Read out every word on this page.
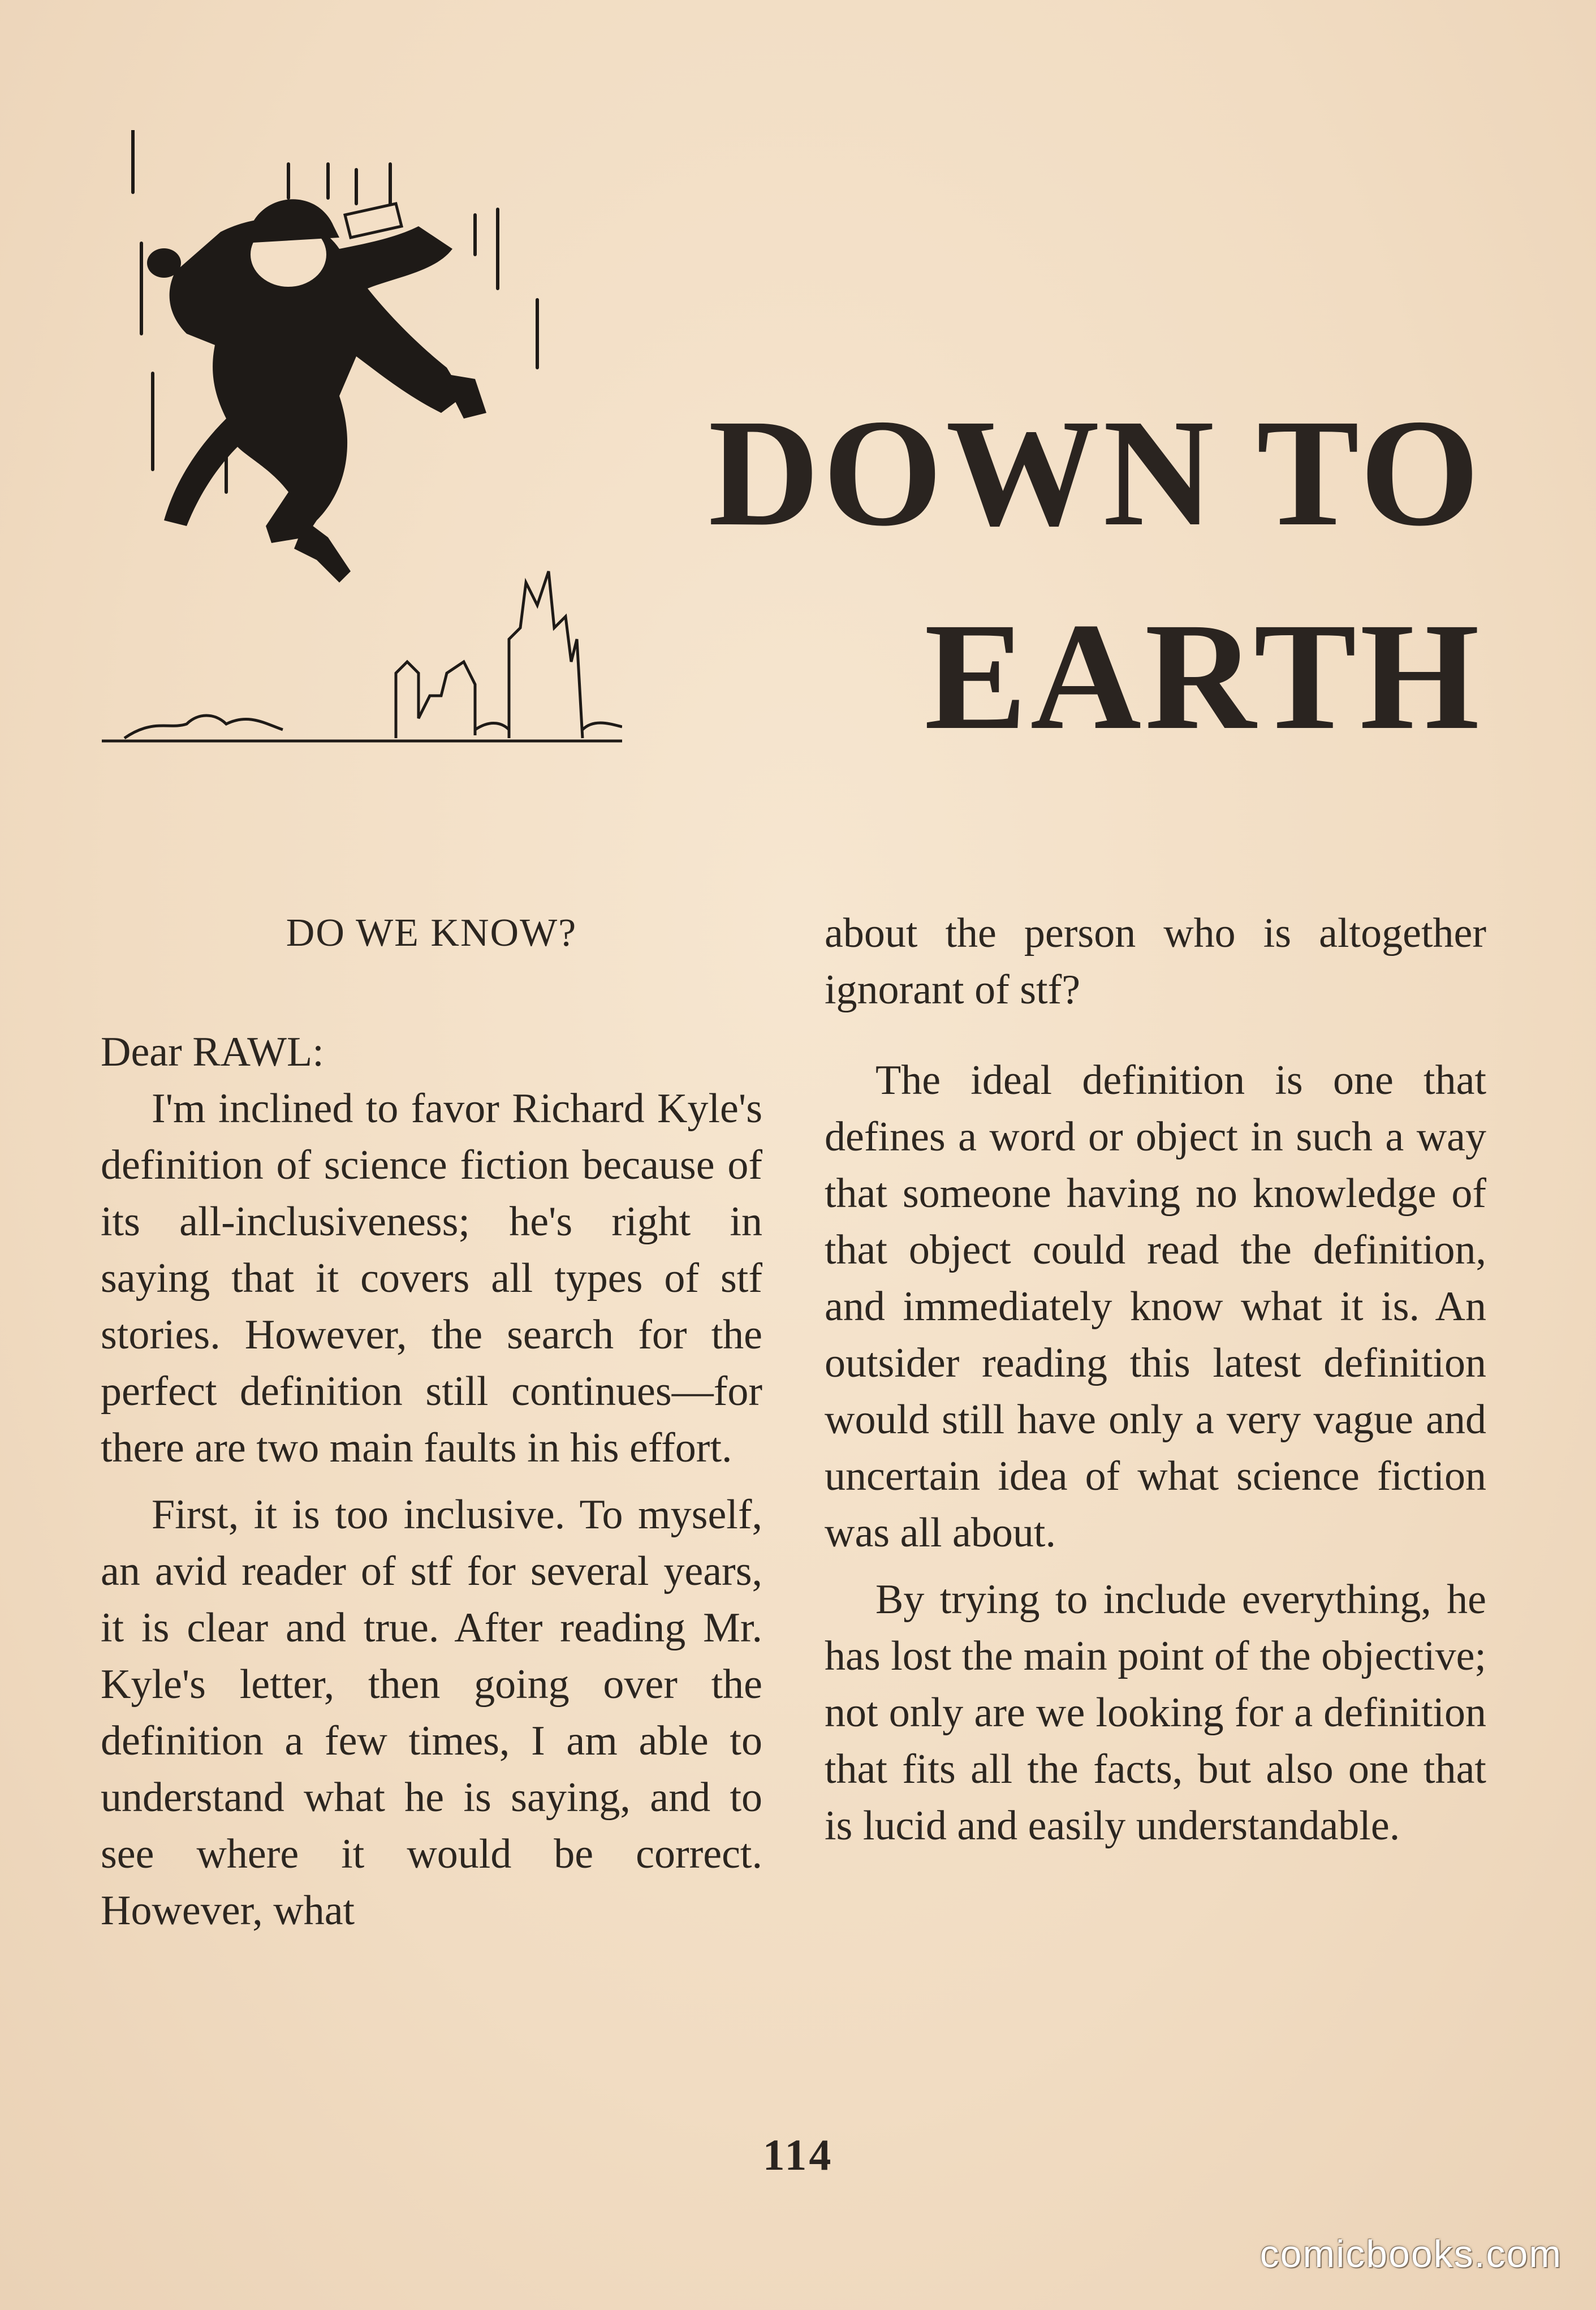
DOWN TO
EARTH
DO WE KNOW?

Dear RAWL:

I'm inclined to favor Richard Kyle's definition of science fiction because of its all-inclusiveness; he's right in saying that it covers all types of stf stories. However, the search for the perfect definition still continues—for there are two main faults in his effort.

First, it is too inclusive. To myself, an avid reader of stf for several years, it is clear and true. After reading Mr. Kyle's letter, then going over the definition a few times, I am able to understand what he is saying, and to see where it would be correct. However, what

about the person who is altogether ignorant of stf?

The ideal definition is one that defines a word or object in such a way that someone having no knowledge of that object could read the definition, and immediately know what it is. An outsider reading this latest definition would still have only a very vague and uncertain idea of what science fiction was all about.

By trying to include everything, he has lost the main point of the objective; not only are we looking for a definition that fits all the facts, but also one that is lucid and easily understandable.

114
comicbooks.com
